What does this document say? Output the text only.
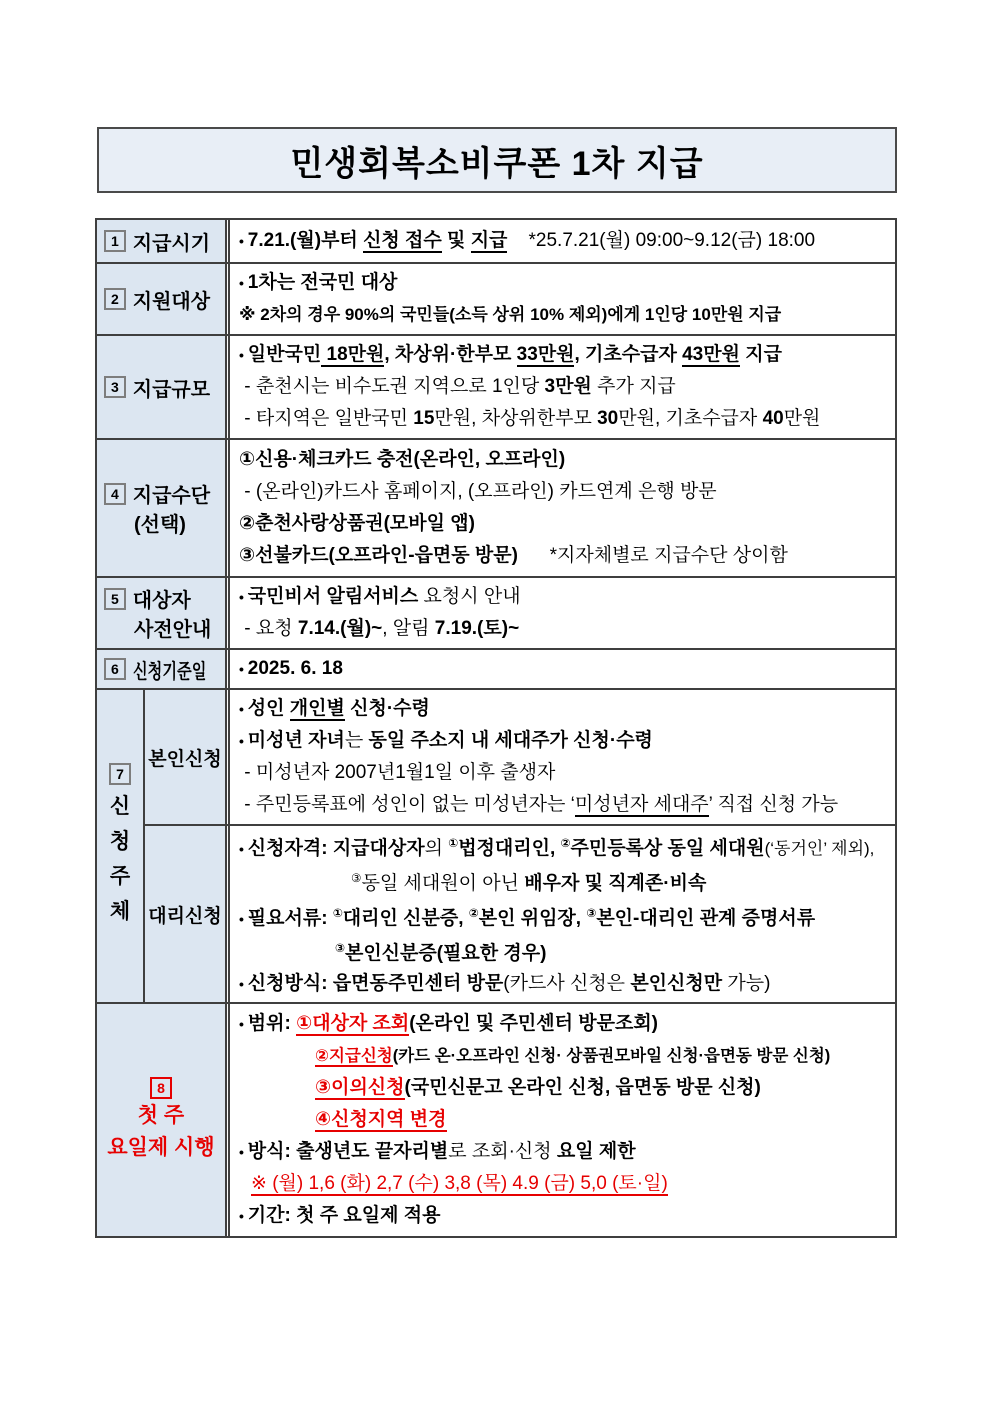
민생회복소비쿠폰 1차 지급
1 지급시기 • 7.21.(월)부터 신청 접수 및 지급    *25.7.21(월) 09:00~9.12(금) 18:00
2 지원대상
• 1차는 전국민 대상
※ 2차의 경우 90%의 국민들(소득 상위 10% 제외)에게 1인당 10만원 지급
3 지급규모
• 일반국민 18만원, 차상위·한부모 33만원, 기초수급자 43만원 지급
- 춘천시는 비수도권 지역으로 1인당 3만원 추가 지급
- 타지역은 일반국민 15만원, 차상위한부모 30만원, 기초수급자 40만원
4 지급수단
(선택)
①신용·체크카드 충전(온라인, 오프라인)
- (온라인)카드사 홈페이지, (오프라인) 카드연계 은행 방문
②춘천사랑상품권(모바일 앱)
③선불카드(오프라인-읍면동 방문)      *지자체별로 지급수단 상이함
5 대상자
사전안내
• 국민비서 알림서비스 요청시 안내
- 요청 7.14.(월)~, 알림 7.19.(토)~
6 신청기준일 • 2025. 6. 18
7
신
청
주
체
본인신청
• 성인 개인별 신청·수령
• 미성년 자녀는 동일 주소지 내 세대주가 신청·수령
- 미성년자 2007년1월1일 이후 출생자
- 주민등록표에 성인이 없는 미성년자는 ‘미성년자 세대주’ 직접 신청 가능
대리신청
• 신청자격: 지급대상자의 ①법정대리인, ②주민등록상 동일 세대원(‘동거인’ 제외),
③동일 세대원이 아닌 배우자 및 직계존·비속
• 필요서류: ①대리인 신분증, ②본인 위임장, ③본인-대리인 관계 증명서류
③본인신분증(필요한 경우)
• 신청방식: 읍면동주민센터 방문(카드사 신청은 본인신청만 가능)
8
첫 주
요일제 시행
• 범위: ①대상자 조회(온라인 및 주민센터 방문조회)
②지급신청(카드 온·오프라인 신청· 상품권모바일 신청·읍면동 방문 신청)
③이의신청(국민신문고 온라인 신청, 읍면동 방문 신청)
④신청지역 변경
• 방식: 출생년도 끝자리별로 조회·신청 요일 제한
※ (월) 1,6 (화) 2,7 (수) 3,8 (목) 4.9 (금) 5,0 (토·일)
• 기간: 첫 주 요일제 적용
